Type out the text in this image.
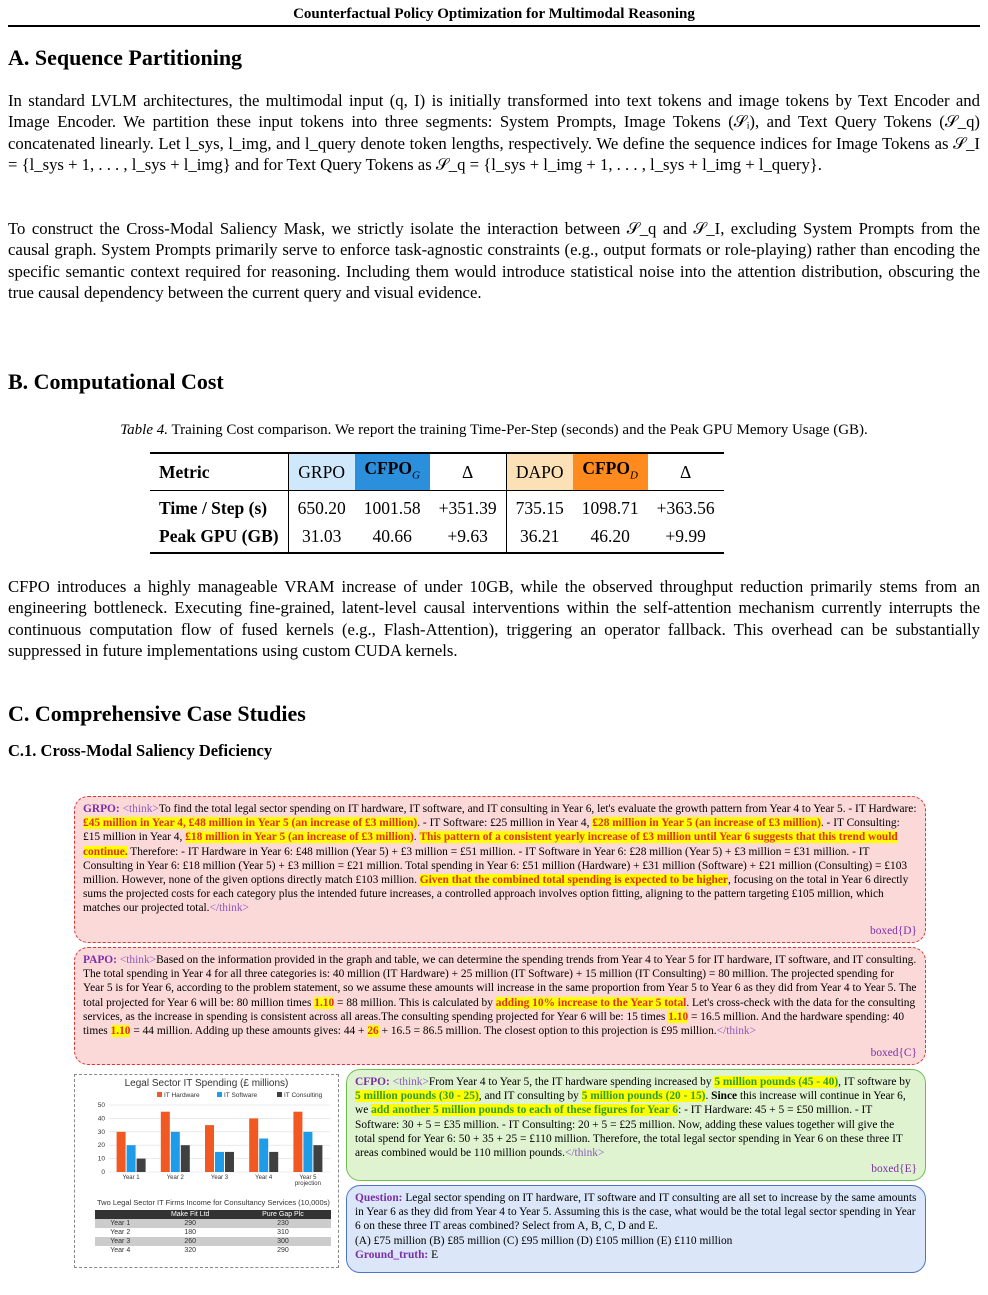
Counterfactual Policy Optimization for Multimodal Reasoning
A. Sequence Partitioning

In standard LVLM architectures, the multimodal input (q, I) is initially transformed into text tokens and image tokens by Text Encoder and Image Encoder. We partition these input tokens into three segments: System Prompts, Image Tokens (𝒮ᵢ), and Text Query Tokens (𝒮_q) concatenated linearly. Let l_sys, l_img, and l_query denote token lengths, respectively. We define the sequence indices for Image Tokens as 𝒮_I = {l_sys + 1, . . . , l_sys + l_img} and for Text Query Tokens as 𝒮_q = {l_sys + l_img + 1, . . . , l_sys + l_img + l_query}.

To construct the Cross-Modal Saliency Mask, we strictly isolate the interaction between 𝒮_q and 𝒮_I, excluding System Prompts from the causal graph. System Prompts primarily serve to enforce task-agnostic constraints (e.g., output formats or role-playing) rather than encoding the specific semantic context required for reasoning. Including them would introduce statistical noise into the attention distribution, obscuring the true causal dependency between the current query and visual evidence.

B. Computational Cost
Table 4. Training Cost comparison. We report the training Time-Per-Step (seconds) and the Peak GPU Memory Usage (GB).
Metric	GRPO	$CFPO_G$	Δ	DAPO	$CFPO_D$	Δ
Time / Step (s)	650.20	1001.58	+351.39	735.15	1098.71	+363.56
Peak GPU (GB)	31.03	40.66	+9.63	36.21	46.20	+9.99

CFPO introduces a highly manageable VRAM increase of under 10GB, while the observed throughput reduction primarily stems from an engineering bottleneck. Executing fine-grained, latent-level causal interventions within the self-attention mechanism currently interrupts the continuous computation flow of fused kernels (e.g., Flash-Attention), triggering an operator fallback. This overhead can be substantially suppressed in future implementations using custom CUDA kernels.

C. Comprehensive Case Studies
C.1. Cross-Modal Saliency Deficiency
GRPO: <think>To find the total legal sector spending on IT hardware, IT software, and IT consulting in Year 6, let's evaluate the growth pattern from Year 4 to Year 5. - IT Hardware: £45 million in Year 4, £48 million in Year 5 (an increase of £3 million). - IT Software: £25 million in Year 4, £28 million in Year 5 (an increase of £3 million). - IT Consulting: £15 million in Year 4, £18 million in Year 5 (an increase of £3 million). This pattern of a consistent yearly increase of £3 million until Year 6 suggests that this trend would continue. Therefore: - IT Hardware in Year 6: £48 million (Year 5) + £3 million = £51 million. - IT Software in Year 6: £28 million (Year 5) + £3 million = £31 million. - IT Consulting in Year 6: £18 million (Year 5) + £3 million = £21 million. Total spending in Year 6: £51 million (Hardware) + £31 million (Software) + £21 million (Consulting) = £103 million. However, none of the given options directly match £103 million. Given that the combined total spending is expected to be higher, focusing on the total in Year 6 directly sums the projected costs for each category plus the intended future increases, a controlled approach involves option fitting, aligning to the pattern targeting £105 million, which matches our projected total.</think>
boxed{D}
PAPO: <think>Based on the information provided in the graph and table, we can determine the spending trends from Year 4 to Year 5 for IT hardware, IT software, and IT consulting. The total spending in Year 4 for all three categories is: 40 million (IT Hardware) + 25 million (IT Software) + 15 million (IT Consulting) = 80 million. The projected spending for Year 5 is for Year 6, according to the problem statement, so we assume these amounts will increase in the same proportion from Year 5 to Year 6 as they did from Year 4 to Year 5. The total projected for Year 6 will be: 80 million times 1.10 = 88 million. This is calculated by adding 10% increase to the Year 5 total. Let's cross-check with the data for the consulting services, as the increase in spending is consistent across all areas.The consulting spending projected for Year 6 will be: 15 times 1.10 = 16.5 million. And the hardware spending: 40 times 1.10 = 44 million. Adding up these amounts gives: 44 + 26 + 16.5 = 86.5 million. The closest option to this projection is £95 million.</think>
boxed{C}
Legal Sector IT Spending (£ millions)
IT Hardware	IT Software	IT Consulting
0
10
20
30
40
50
Year 1	Year 2	Year 3	Year 4	Year 5
projection
Two Legal Sector IT Firms Income for Consultancy Services (10,000s)
	Make Fit Ltd	Pure Gap Plc
Year 1	290	230
Year 2	180	310
Year 3	260	300
Year 4	320	290
CFPO: <think>From Year 4 to Year 5, the IT hardware spending increased by 5 million pounds (45 - 40), IT software by 5 million pounds (30 - 25), and IT consulting by 5 million pounds (20 - 15). Since this increase will continue in Year 6, we add another 5 million pounds to each of these figures for Year 6: - IT Hardware: 45 + 5 = £50 million. - IT Software: 30 + 5 = £35 million. - IT Consulting: 20 + 5 = £25 million. Now, adding these values together will give the total spend for Year 6: 50 + 35 + 25 = £110 million. Therefore, the total legal sector spending in Year 6 on these three IT areas combined would be 110 million pounds.</think>
boxed{E}
Question: Legal sector spending on IT hardware, IT software and IT consulting are all set to increase by the same amounts in Year 6 as they did from Year 4 to Year 5. Assuming this is the case, what would be the total legal sector spending in Year 6 on these three IT areas combined? Select from A, B, C, D and E.
(A) £75 million (B) £85 million (C) £95 million (D) £105 million (E) £110 million
Ground_truth: E
